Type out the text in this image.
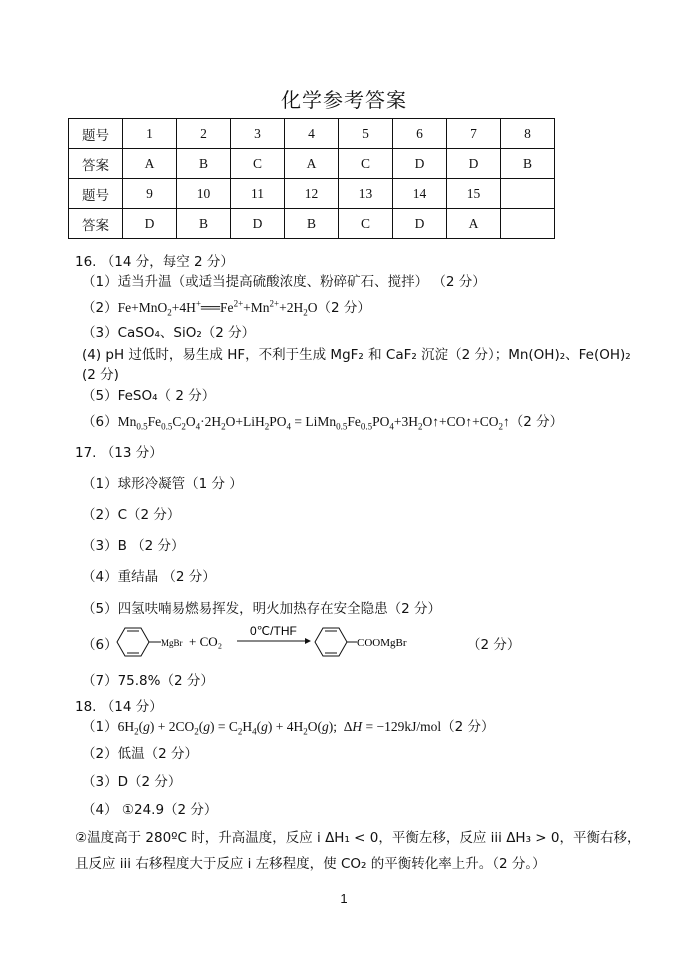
化学参考答案
题号	1	2	3	4	5	6	7	8
答案	A	B	C	A	C	D	D	B
题号	9	10	11	12	13	14	15	
答案	D	B	D	B	C	D	A	
16. （14 分，每空 2 分）
（1）适当升温（或适当提高硫酸浓度、粉碎矿石、搅拌） （2 分）
$(2)Fe+MnO_2+4H^+══Fe^{2+}+Mn^{2+}+2H_2O(2$ 分）
（3）CaSO₄、SiO₂（2 分）
(4) pH 过低时，易生成 HF，不利于生成 MgF₂ 和 CaF₂ 沉淀（2 分）；Mn(OH)₂、Fe(OH)₂
(2 分)
（5）FeSO₄（ 2 分）
$(6)Mn_{0.5}Fe_{0.5}C_2O_4\cdot 2H_2O+LiH_2PO_4$ = $LiMn_{0.5}Fe_{0.5}PO_4+3H_2O↑+CO↑+CO_2↑(2$ 分）
17. （13 分）
（1）球形冷凝管（1 分 ）
（2）C（2 分）
（3）B （2 分）
（4）重结晶 （2 分）
（5）四氢呋喃易燃易挥发，明火加热存在安全隐患（2 分）
（6）	MgBr + CO₂
0℃/THF
COOMgBr	（2 分）
（7）75.8%（2 分）
18. （14 分）
$(1)6H_2(g) + 2CO_2(g) = C_2H_4(g) + 4H_2O(g)$;  ΔH = −129kJ/mol（2 分）
（2）低温（2 分）
（3）D（2 分）
（4） ①24.9（2 分）
②温度高于 280ºC 时，升高温度，反应 i ΔH₁ < 0，平衡左移，反应 iii ΔH₃ > 0，平衡右移，
且反应 iii 右移程度大于反应 i 左移程度，使 CO₂ 的平衡转化率上升。（2 分。）
1
